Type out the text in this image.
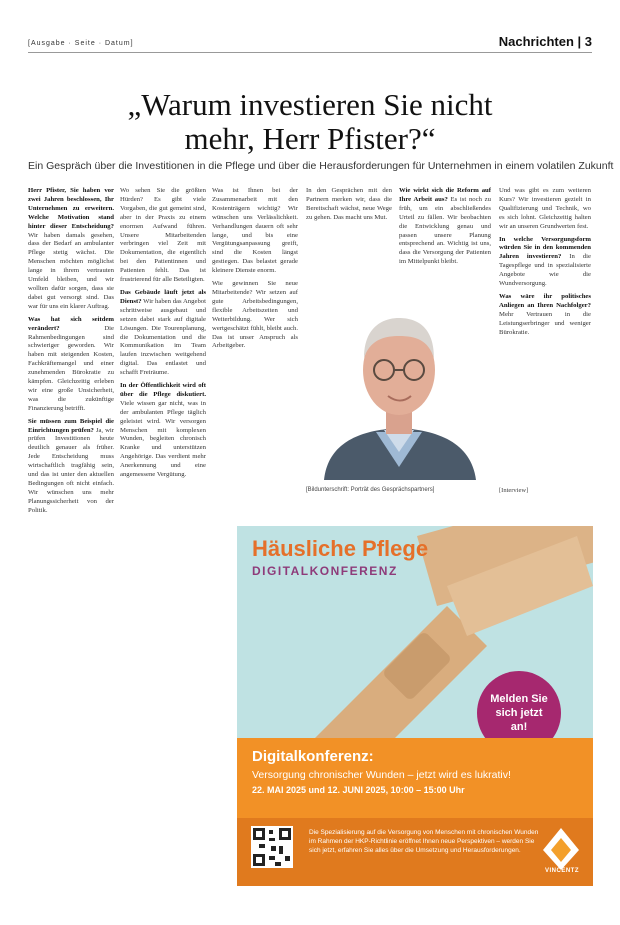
[Ausgabe · Seite · Datum]	Nachrichten | 3
„Warum investieren Sie nicht
mehr, Herr Pfister?“
Ein Gespräch über die Investitionen in die Pflege und über die Herausforderungen für Unternehmen in einem volatilen Zukunft

Herr Pfister, Sie haben vor zwei Jahren beschlossen, Ihr Unternehmen zu erweitern. Welche Motivation stand hinter dieser Entscheidung? Wir haben damals gesehen, dass der Bedarf an ambulanter Pflege stetig wächst. Die Menschen möchten möglichst lange in ihrem vertrauten Umfeld bleiben, und wir wollten dafür sorgen, dass sie dabei gut versorgt sind. Das war für uns ein klarer Auftrag.

Was hat sich seitdem verändert?	Die Rahmenbedingungen sind schwieriger geworden. Wir haben mit steigenden Kosten, Fachkräftemangel und einer zunehmenden Bürokratie zu kämpfen. Gleichzeitig erleben wir eine große Unsicherheit, was die zukünftige Finanzierung betrifft.

Sie müssen zum Beispiel die Einrichtungen prüfen? Ja, wir prüfen Investitionen heute deutlich genauer als früher. Jede Entscheidung muss wirtschaftlich tragfähig sein, und das ist unter den aktuellen Bedingungen oft nicht einfach. Wir wünschen uns mehr Planungssicherheit von der Politik.

Wo sehen Sie die größten Hürden? Es gibt viele Vorgaben, die gut gemeint sind, aber in der Praxis zu einem enormen Aufwand führen. Unsere Mitarbeitenden verbringen viel Zeit mit Dokumentation, die eigentlich bei den Patientinnen und Patienten fehlt. Das ist frustrierend für alle Beteiligten.

Das Gebäude läuft jetzt als Dienst? Wir haben das Angebot schrittweise ausgebaut und setzen dabei stark auf digitale Lösungen. Die Tourenplanung, die Dokumentation und die Kommunikation im Team laufen inzwischen weitgehend digital. Das entlastet und schafft Freiräume.

In der Öffentlichkeit wird oft über die Pflege diskutiert. Viele wissen gar nicht, was in der ambulanten Pflege täglich geleistet wird. Wir versorgen Menschen mit komplexen Wunden, begleiten chronisch Kranke und unterstützen Angehörige. Das verdient mehr Anerkennung und eine angemessene Vergütung.

Was ist Ihnen bei der Zusammenarbeit mit den Kostenträgern wichtig? Wir wünschen uns Verlässlichkeit. Verhandlungen dauern oft sehr lange, und bis eine Vergütungsanpassung greift, sind die Kosten längst gestiegen. Das belastet gerade kleinere Dienste enorm.

Wie gewinnen Sie neue Mitarbeitende? Wir setzen auf gute Arbeitsbedingungen, flexible Arbeitszeiten und Weiterbildung. Wer sich wertgeschätzt fühlt, bleibt auch. Das ist unser Anspruch als Arbeitgeber.

In den Gesprächen mit den Partnern merken wir, dass die Bereitschaft wächst, neue Wege zu gehen. Das macht uns Mut.

Wie wirkt sich die Reform auf Ihre Arbeit aus? Es ist noch zu früh, um ein abschließendes Urteil zu fällen. Wir beobachten die Entwicklung genau und passen unsere Planung entsprechend an. Wichtig ist uns, dass die Versorgung der Patienten im Mittelpunkt bleibt.

Und was gibt es zum weiteren Kurs? Wir investieren gezielt in Qualifizierung und Technik, wo es sich lohnt. Gleichzeitig halten wir an unseren Grundwerten fest.

In welche Versorgungsform würden Sie in den kommenden Jahren investieren? In die Tagespflege und in spezialisierte Angebote wie die Wundversorgung.

Was wäre ihr politisches Anliegen an Ihren Nachfolger? Mehr Vertrauen in die Leistungserbringer und weniger Bürokratie.

[Bildunterschrift: Porträt des Gesprächspartners]	[Interview]
Häusliche Pflege
DIGITALKONFERENZ
Melden Sie sich jetzt an!
Digitalkonferenz:
Versorgung chronischer Wunden – jetzt wird es lukrativ!
22. MAI 2025 und 12. JUNI 2025, 10:00 – 15:00 Uhr
Die Spezialisierung auf die Versorgung von Menschen mit chronischen Wunden im Rahmen der HKP-Richtlinie eröffnet Ihnen neue Perspektiven – werden Sie sich jetzt, erfahren Sie alles über die Umsetzung und Herausforderungen.
VINCENTZ
